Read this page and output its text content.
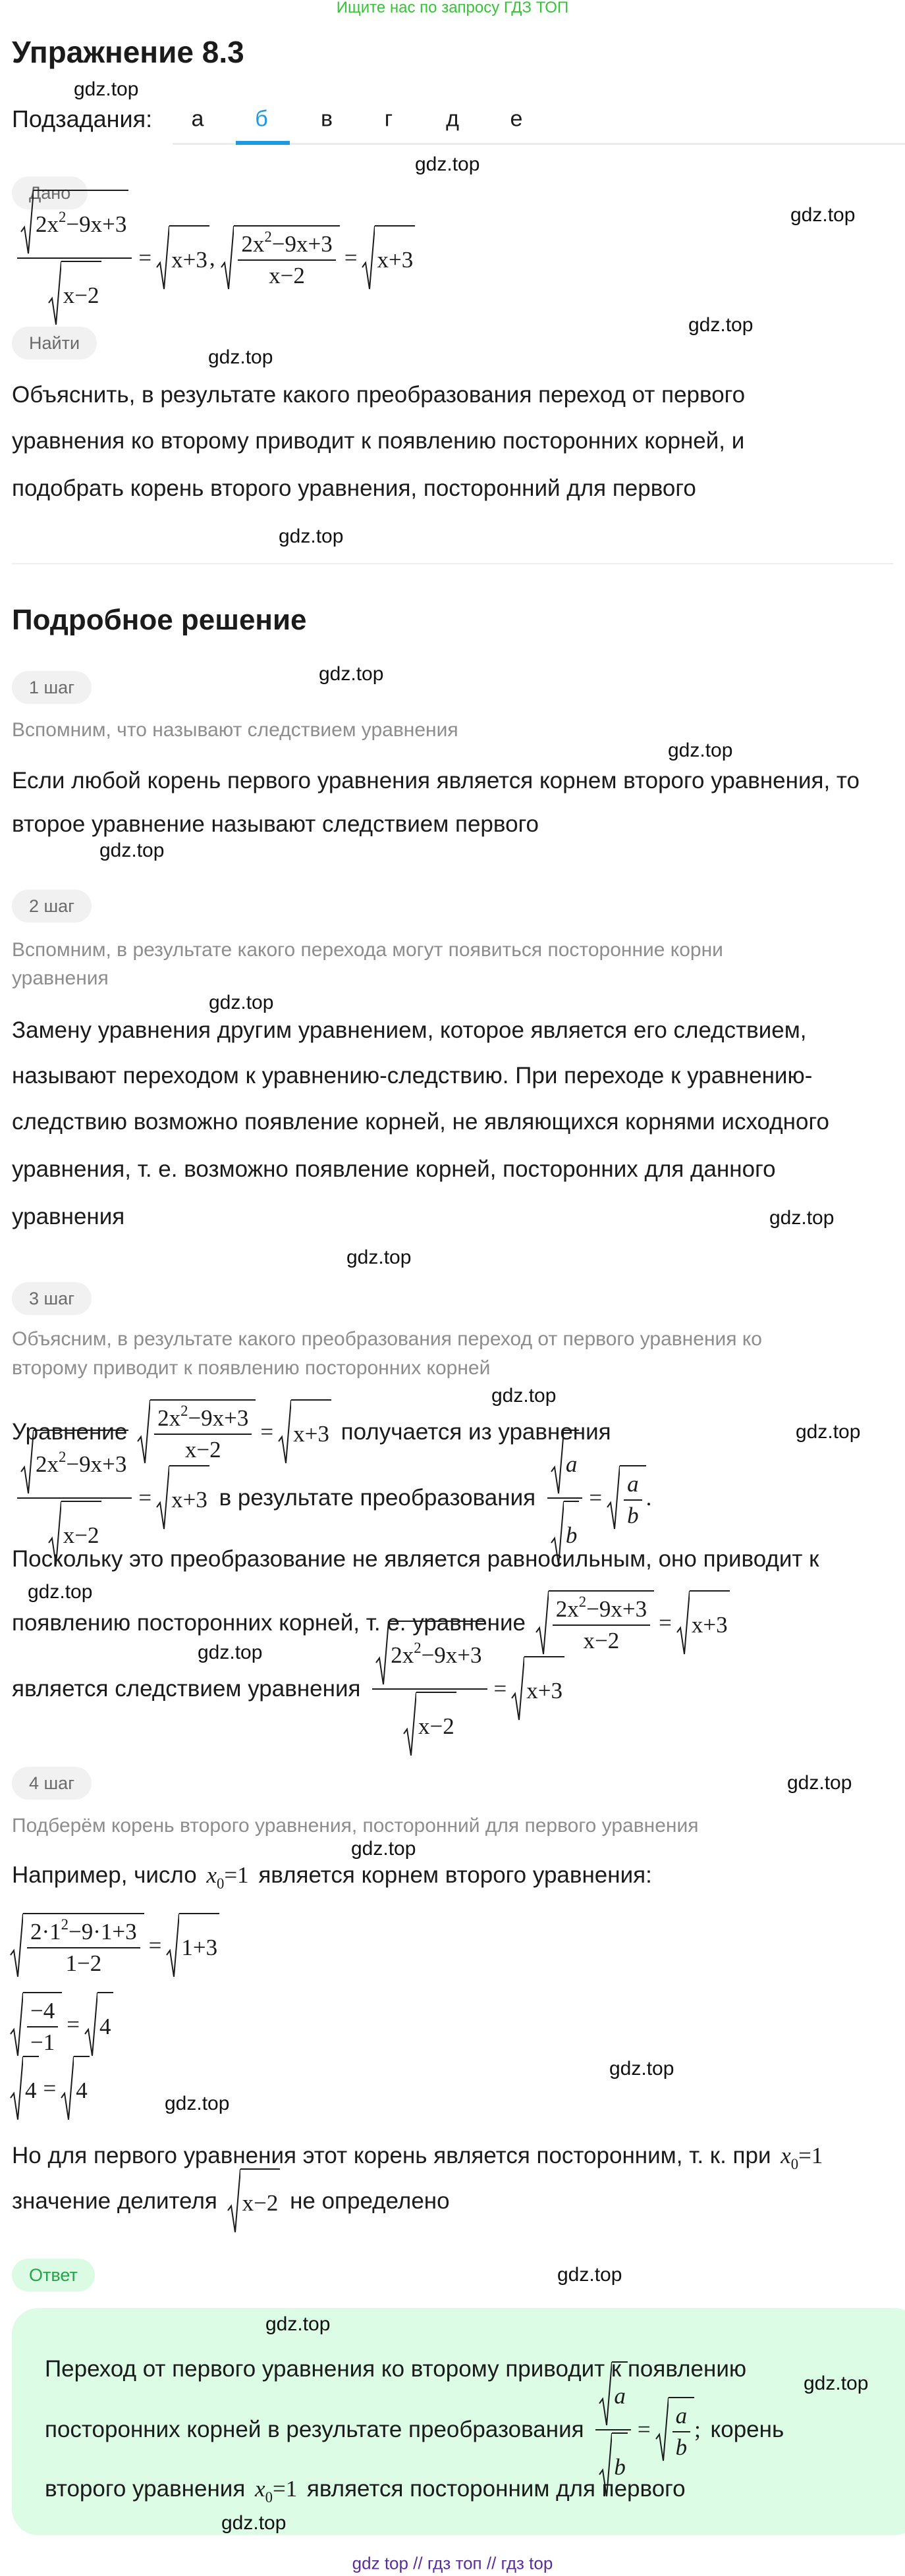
Ищите нас по запросу ГДЗ ТОП
Упражнение 8.3
Подзадания:	а	б	в	г	д	е
Дано
$\frac{2x 2 -9x+3}{x-2} = x+3$ , $\frac{2x 2 -9x+3}{x-2} = x+3$
Найти
Объяснить, в результате какого преобразования переход от первого
уравнения ко второму приводит к появлению посторонних корней, и
подобрать корень второго уравнения, посторонний для первого
Подробное решение
1 шаг
Вспомним, что называют следствием уравнения
Если любой корень первого уравнения является корнем второго уравнения, то
второе уравнение называют следствием первого
2 шаг
Вспомним, в результате какого перехода могут появиться посторонние корни
уравнения
Замену уравнения другим уравнением, которое является его следствием,
называют переходом к уравнению-следствию. При переходе к уравнению-
следствию возможно появление корней, не являющихся корнями исходного
уравнения, т. е. возможно появление корней, посторонних для данного
уравнения
3 шаг
Объясним, в результате какого преобразования переход от первого уравнения ко
второму приводит к появлению посторонних корней
Уравнение $\frac{2x 2 -9x+3}{x-2} = x+3$ получается из уравнения
$\frac{2x 2 -9x+3}{x-2} = x+3$ в результате преобразования $\frac{a}{b} = \frac{a}{b}$ .
Поскольку это преобразование не является равносильным, оно приводит к
появлению посторонних корней, т. е. уравнение $\frac{2x 2 -9x+3}{x-2} = x+3$
является следствием уравнения $\frac{2x 2 -9x+3}{x-2} = x+3$
4 шаг
Подберём корень второго уравнения, посторонний для первого уравнения
Например, число x 0 =1 является корнем второго уравнения:
$\frac{2\cdot 1 2 -9\cdot 1+3}{1-2} = 1+3$
$\frac{-4}{-1} = 4$
4 = 4
Но для первого уравнения этот корень является посторонним, т. к. при x 0 =1
значение делителя x−2 не определено
Ответ
Переход от первого уравнения ко второму приводит к появлению
посторонних корней в результате преобразования $\frac{a}{b} = \frac{a}{b}$ ; корень
второго уравнения x 0 =1 является посторонним для первого
gdz.top
gdz.top
gdz.top
gdz.top
gdz.top
gdz.top
gdz.top
gdz.top
gdz.top
gdz.top
gdz.top
gdz.top
gdz.top
gdz.top
gdz.top
gdz.top
gdz.top
gdz.top
gdz.top
gdz.top
gdz.top
gdz.top
gdz.top
gdz.top
gdz top // гдз топ // гдз top
